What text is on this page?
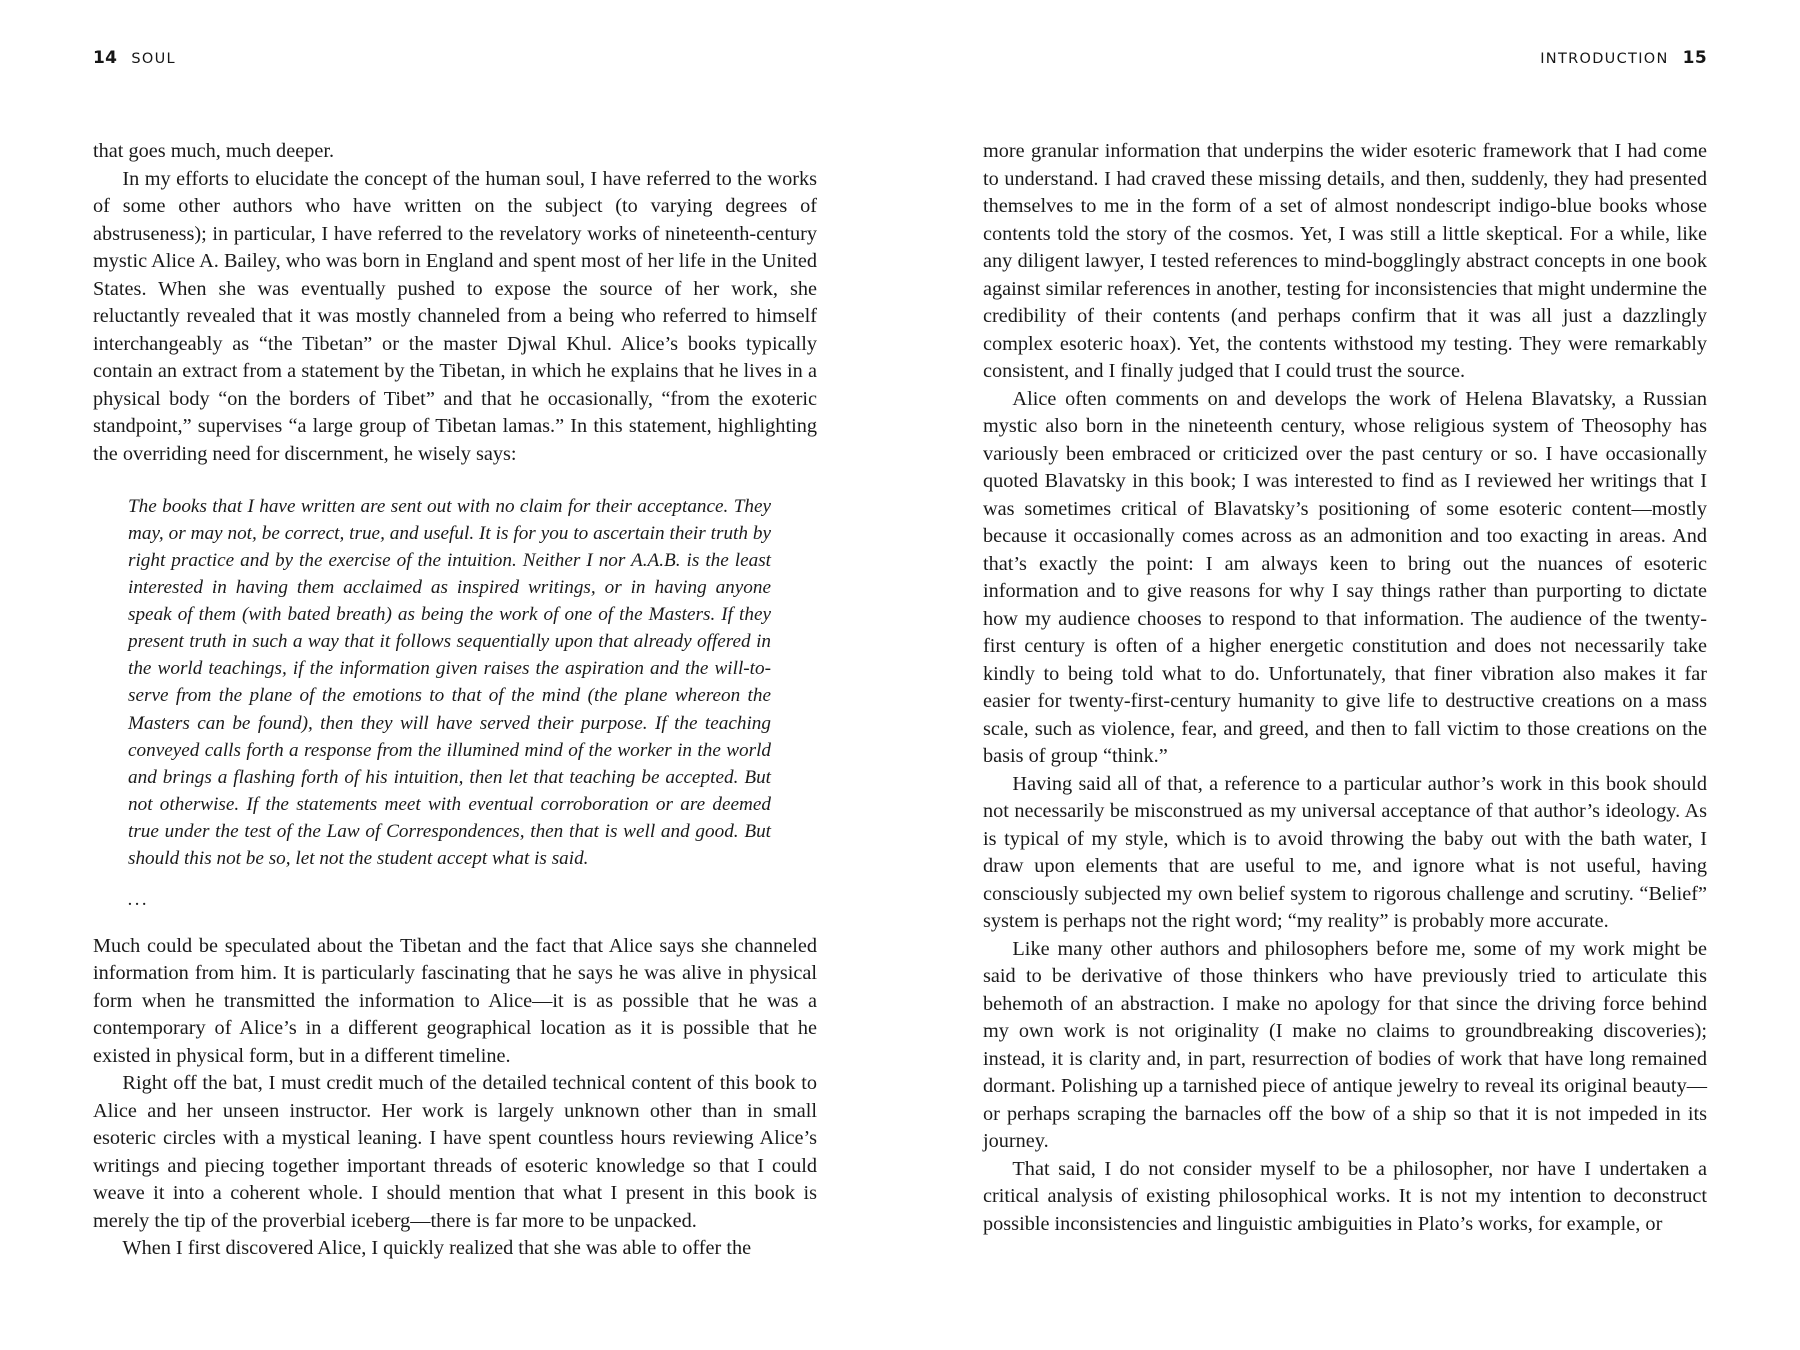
14 SOUL	INTRODUCTION 15

that goes much, much deeper.

In my efforts to elucidate the concept of the human soul, I have referred to the works of some other authors who have written on the subject (to varying degrees of abstruseness); in particular, I have referred to the revelatory works of nineteenth-century mystic Alice A. Bailey, who was born in England and spent most of her life in the United States. When she was eventually pushed to expose the source of her work, she reluctantly revealed that it was mostly channeled from a being who referred to himself interchangeably as “the Tibetan” or the master Djwal Khul. Alice’s books typically contain an extract from a statement by the Tibetan, in which he explains that he lives in a physical body “on the borders of Tibet” and that he occasionally, “from the exoteric standpoint,” supervises “a large group of Tibetan lamas.” In this statement, highlighting the overriding need for discernment, he wisely says:

The books that I have written are sent out with no claim for their acceptance. They may, or may not, be correct, true, and useful. It is for you to ascertain their truth by right practice and by the exercise of the intuition. Neither I nor A.A.B. is the least interested in having them acclaimed as inspired writings, or in having anyone speak of them (with bated breath) as being the work of one of the Masters. If they present truth in such a way that it follows sequentially upon that already offered in the world teachings, if the information given raises the aspiration and the will-to-serve from the plane of the emotions to that of the mind (the plane whereon the Masters can be found), then they will have served their purpose. If the teaching conveyed calls forth a response from the illumined mind of the worker in the world and brings a flashing forth of his intuition, then let that teaching be accepted. But not otherwise. If the statements meet with eventual corroboration or are deemed true under the test of the Law of Correspondences, then that is well and good. But should this not be so, let not the student accept what is said.

...

Much could be speculated about the Tibetan and the fact that Alice says she channeled information from him. It is particularly fascinating that he says he was alive in physical form when he transmitted the information to Alice—it is as possible that he was a contemporary of Alice’s in a different geographical location as it is possible that he existed in physical form, but in a different timeline.

Right off the bat, I must credit much of the detailed technical content of this book to Alice and her unseen instructor. Her work is largely unknown other than in small esoteric circles with a mystical leaning. I have spent countless hours reviewing Alice’s writings and piecing together important threads of esoteric knowledge so that I could weave it into a coherent whole. I should mention that what I present in this book is merely the tip of the proverbial iceberg—there is far more to be unpacked.

When I first discovered Alice, I quickly realized that she was able to offer the

more granular information that underpins the wider esoteric framework that I had come to understand. I had craved these missing details, and then, suddenly, they had presented themselves to me in the form of a set of almost nondescript indigo-blue books whose contents told the story of the cosmos. Yet, I was still a little skeptical. For a while, like any diligent lawyer, I tested references to mind-bogglingly abstract concepts in one book against similar references in another, testing for inconsistencies that might undermine the credibility of their contents (and perhaps confirm that it was all just a dazzlingly complex esoteric hoax). Yet, the contents withstood my testing. They were remarkably consistent, and I finally judged that I could trust the source.

Alice often comments on and develops the work of Helena Blavatsky, a Russian mystic also born in the nineteenth century, whose religious system of Theosophy has variously been embraced or criticized over the past century or so. I have occasionally quoted Blavatsky in this book; I was interested to find as I reviewed her writings that I was sometimes critical of Blavatsky’s positioning of some esoteric content—mostly because it occasionally comes across as an admonition and too exacting in areas. And that’s exactly the point: I am always keen to bring out the nuances of esoteric information and to give reasons for why I say things rather than purporting to dictate how my audience chooses to respond to that information. The audience of the twenty-first century is often of a higher energetic constitution and does not necessarily take kindly to being told what to do. Unfortunately, that finer vibration also makes it far easier for twenty-first-century humanity to give life to destructive creations on a mass scale, such as violence, fear, and greed, and then to fall victim to those creations on the basis of group “think.”

Having said all of that, a reference to a particular author’s work in this book should not necessarily be misconstrued as my universal acceptance of that author’s ideology. As is typical of my style, which is to avoid throwing the baby out with the bath water, I draw upon elements that are useful to me, and ignore what is not useful, having consciously subjected my own belief system to rigorous challenge and scrutiny. “Belief” system is perhaps not the right word; “my reality” is probably more accurate.

Like many other authors and philosophers before me, some of my work might be said to be derivative of those thinkers who have previously tried to articulate this behemoth of an abstraction. I make no apology for that since the driving force behind my own work is not originality (I make no claims to groundbreaking discoveries); instead, it is clarity and, in part, resurrection of bodies of work that have long remained dormant. Polishing up a tarnished piece of antique jewelry to reveal its original beauty—or perhaps scraping the barnacles off the bow of a ship so that it is not impeded in its journey.

That said, I do not consider myself to be a philosopher, nor have I undertaken a critical analysis of existing philosophical works. It is not my intention to deconstruct possible inconsistencies and linguistic ambiguities in Plato’s works, for example, or
